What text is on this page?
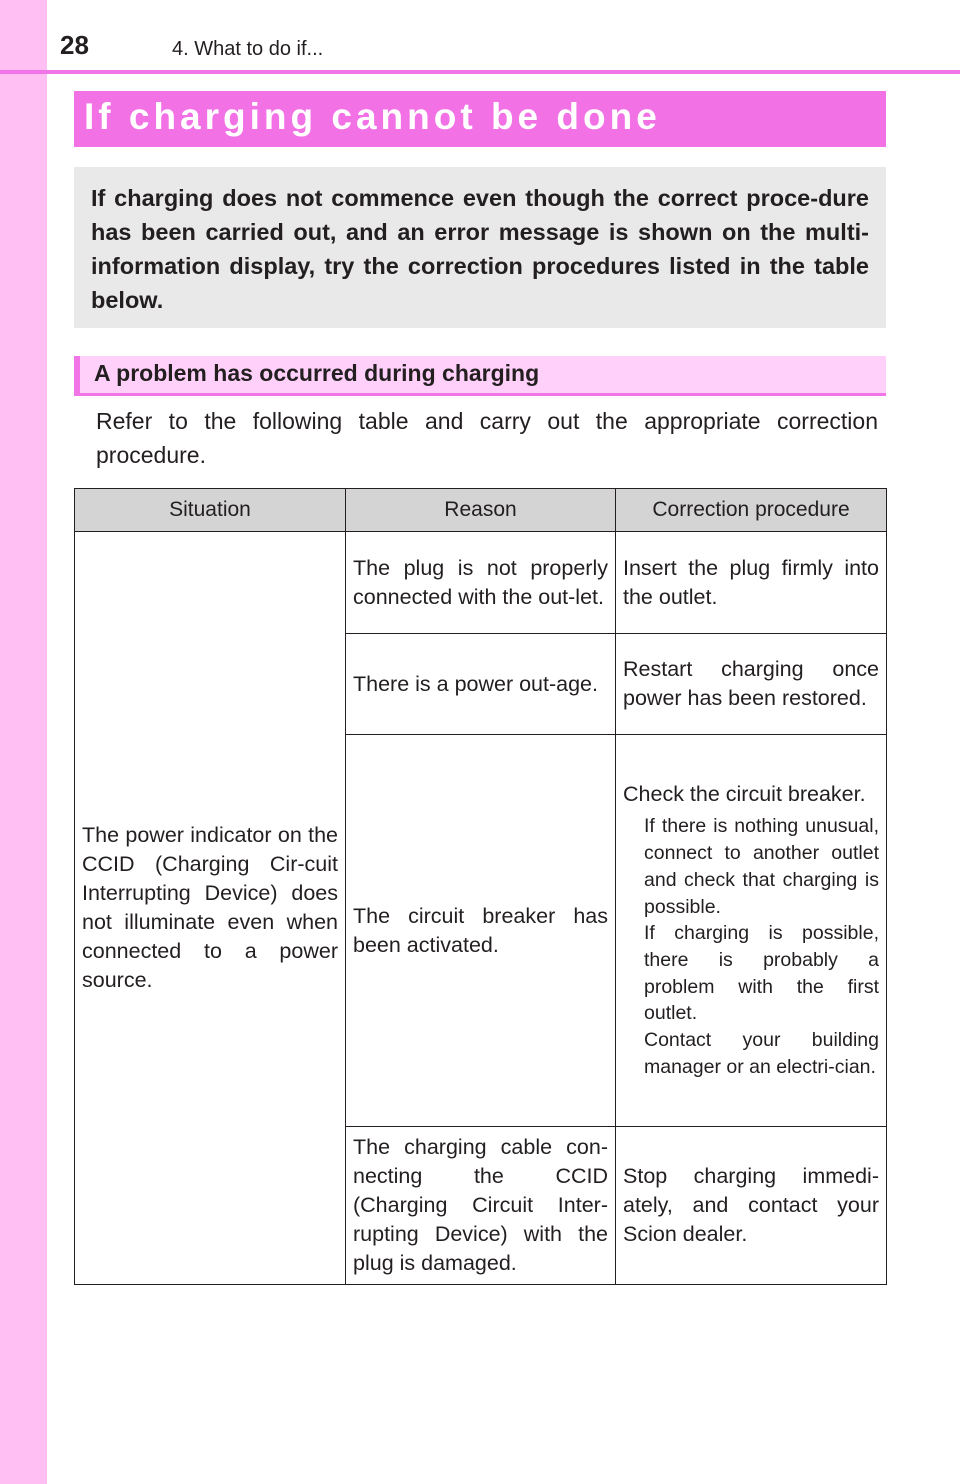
28	4. What to do if...
If charging cannot be done

If charging does not commence even though the correct proce-dure has been carried out, and an error message is shown on the multi-information display, try the correction procedures listed in the table below.

A problem has occurred during charging

Refer to the following table and carry out the appropriate correction procedure.

Situation	Reason	Correction procedure
The power indicator on the CCID (Charging Cir-cuit Interrupting Device) does not illuminate even when connected to a power source.	The plug is not properly connected with the out-let.	Insert the plug firmly into the outlet.
	There is a power out-age.	Restart charging once power has been restored.
	The circuit breaker has been activated.	Check the circuit breaker.

If there is nothing unusual, connect to another outlet and check that charging is possible.

If charging is possible, there is probably a problem with the first outlet.

Contact your building manager or an electri-cian.

	The charging cable con-necting the CCID (Charging Circuit Inter-rupting Device) with the plug is damaged.	Stop charging immedi-ately, and contact your Scion dealer.
